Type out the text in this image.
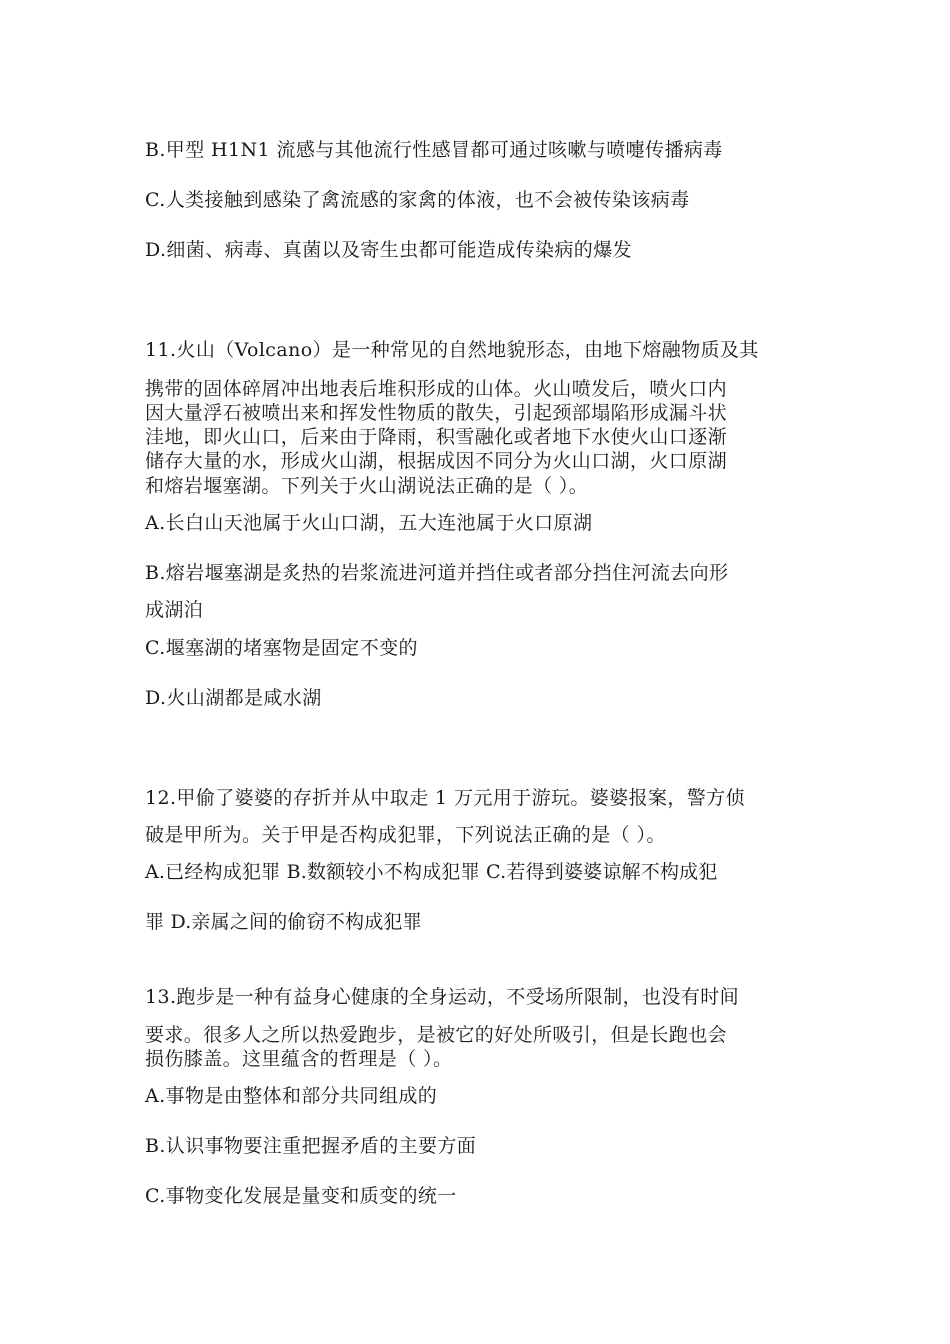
B.甲型 H1N1 流感与其他流行性感冒都可通过咳嗽与喷嚏传播病毒
C.人类接触到感染了禽流感的家禽的体液，也不会被传染该病毒
D.细菌、病毒、真菌以及寄生虫都可能造成传染病的爆发
11.火山（Volcano）是一种常见的自然地貌形态，由地下熔融物质及其
携带的固体碎屑冲出地表后堆积形成的山体。火山喷发后，喷火口内
因大量浮石被喷出来和挥发性物质的散失，引起颈部塌陷形成漏斗状
洼地，即火山口，后来由于降雨，积雪融化或者地下水使火山口逐渐
储存大量的水，形成火山湖，根据成因不同分为火山口湖，火口原湖
和熔岩堰塞湖。下列关于火山湖说法正确的是（ ）。
A.长白山天池属于火山口湖，五大连池属于火口原湖
B.熔岩堰塞湖是炙热的岩浆流进河道并挡住或者部分挡住河流去向形
成湖泊
C.堰塞湖的堵塞物是固定不变的
D.火山湖都是咸水湖
12.甲偷了婆婆的存折并从中取走 1 万元用于游玩。婆婆报案，警方侦
破是甲所为。关于甲是否构成犯罪，下列说法正确的是（ ）。
A.已经构成犯罪 B.数额较小不构成犯罪 C.若得到婆婆谅解不构成犯
罪 D.亲属之间的偷窃不构成犯罪
13.跑步是一种有益身心健康的全身运动，不受场所限制，也没有时间
要求。很多人之所以热爱跑步，是被它的好处所吸引，但是长跑也会
损伤膝盖。这里蕴含的哲理是（ ）。
A.事物是由整体和部分共同组成的
B.认识事物要注重把握矛盾的主要方面
C.事物变化发展是量变和质变的统一
